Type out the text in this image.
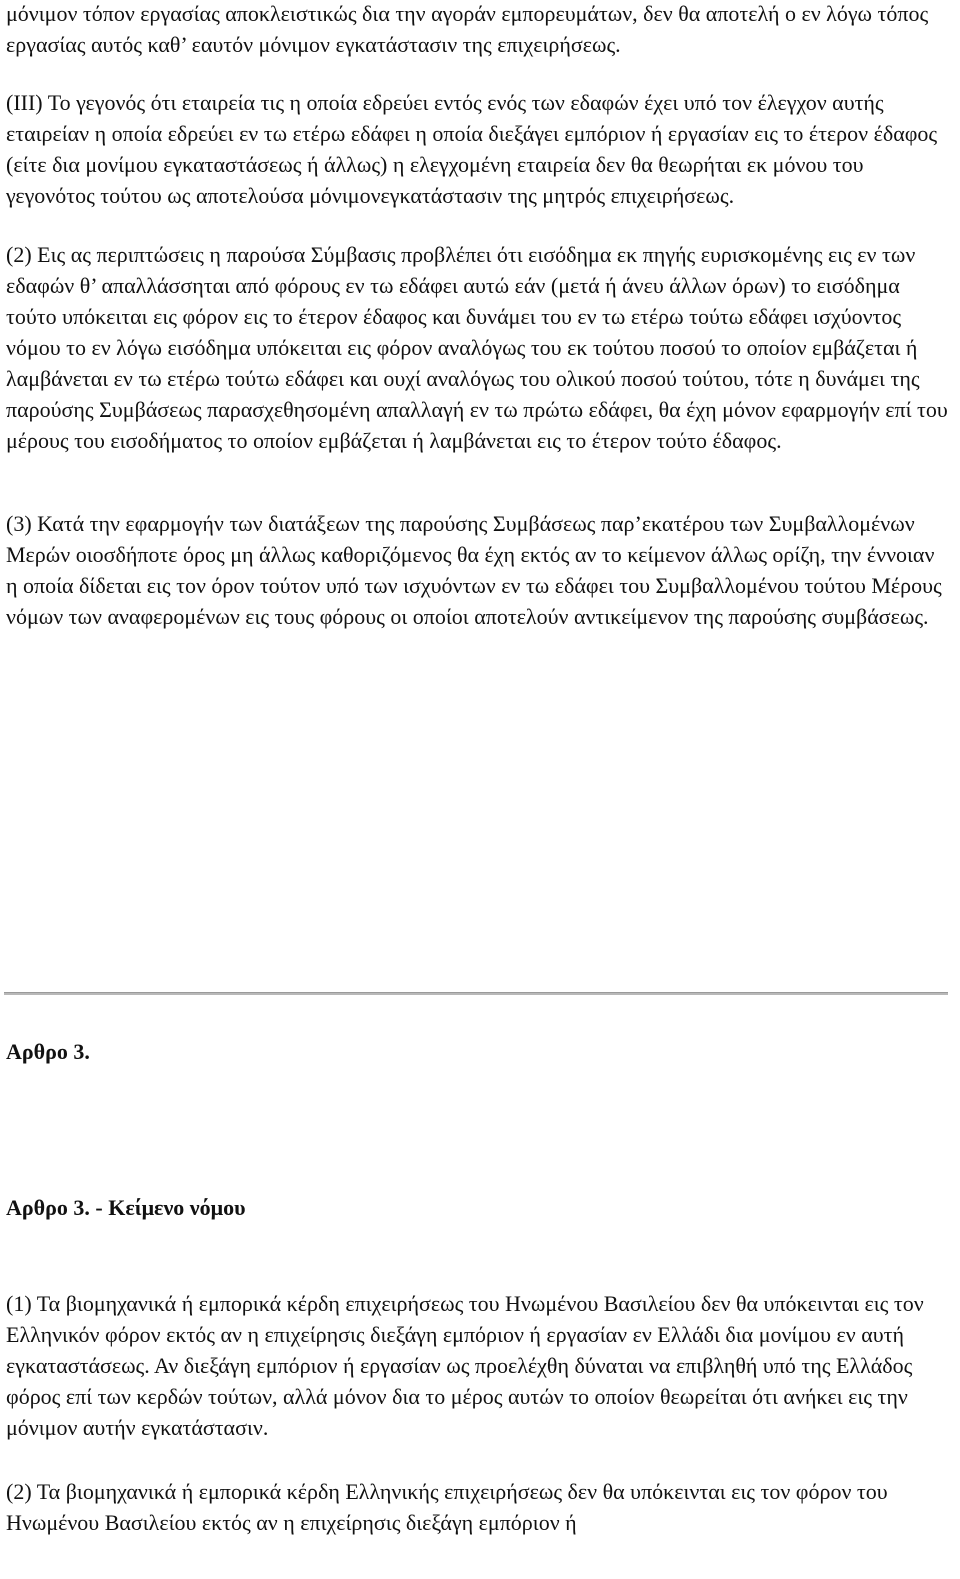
μόνιμον τόπον εργασίας αποκλειστικώς δια την αγοράν εμπορευμάτων, δεν θα αποτελή ο εν λόγω τόπος εργασίας αυτός καθ’ εαυτόν μόνιμον εγκατάστασιν της επιχειρήσεως.

(ΙΙΙ) Το γεγονός ότι εταιρεία τις η οποία εδρεύει εντός ενός των εδαφών έχει υπό τον έλεγχον αυτής εταιρείαν η οποία εδρεύει εν τω ετέρω εδάφει η οποία διεξάγει εμπόριον ή εργασίαν εις το έτερον έδαφος (είτε δια μονίμου εγκαταστάσεως ή άλλως) η ελεγχομένη εταιρεία δεν θα θεωρήται εκ μόνου του γεγονότος τούτου ως αποτελούσα μόνιμονεγκατάστασιν της μητρός επιχειρήσεως.

(2) Εις ας περιπτώσεις η παρούσα Σύμβασις προβλέπει ότι εισόδημα εκ πηγής ευρισκομένης εις εν των εδαφών θ’ απαλλάσσηται από φόρους εν τω εδάφει αυτώ εάν (μετά ή άνευ άλλων όρων) το εισόδημα τούτο υπόκειται εις φόρον εις το έτερον έδαφος και δυνάμει του εν τω ετέρω τούτω εδάφει ισχύοντος νόμου το εν λόγω εισόδημα υπόκειται εις φόρον αναλόγως του εκ τούτου ποσού το οποίον εμβάζεται ή λαμβάνεται εν τω ετέρω τούτω εδάφει και ουχί αναλόγως του ολικού ποσού τούτου, τότε η δυνάμει της παρούσης Συμβάσεως παρασχεθησομένη απαλλαγή εν τω πρώτω εδάφει, θα έχη μόνον εφαρμογήν επί του μέρους του εισοδήματος το οποίον εμβάζεται ή λαμβάνεται εις το έτερον τούτο έδαφος.

(3) Κατά την εφαρμογήν των διατάξεων της παρούσης Συμβάσεως παρ’εκατέρου των Συμβαλλομένων Μερών οιοσδήποτε όρος μη άλλως καθοριζόμενος θα έχη εκτός αν το κείμενον άλλως ορίζη, την έννοιαν η οποία δίδεται εις τον όρον τούτον υπό των ισχυόντων εν τω εδάφει του Συμβαλλομένου τούτου Μέρους νόμων των αναφερομένων εις τους φόρους οι οποίοι αποτελούν αντικείμενον της παρούσης συμβάσεως.

Αρθρο 3.
Αρθρο 3. - Κείμενο νόμου

(1) Τα βιομηχανικά ή εμπορικά κέρδη επιχειρήσεως του Ηνωμένου Βασιλείου δεν θα υπόκεινται εις τον Ελληνικόν φόρον εκτός αν η επιχείρησις διεξάγη εμπόριον ή εργασίαν εν Ελλάδι δια μονίμου εν αυτή εγκαταστάσεως. Αν διεξάγη εμπόριον ή εργασίαν ως προελέχθη δύναται να επιβληθή υπό της Ελλάδος φόρος επί των κερδών τούτων, αλλά μόνον δια το μέρος αυτών το οποίον θεωρείται ότι ανήκει εις την μόνιμον αυτήν εγκατάστασιν.

(2) Τα βιομηχανικά ή εμπορικά κέρδη Ελληνικής επιχειρήσεως δεν θα υπόκεινται εις τον φόρον του Ηνωμένου Βασιλείου εκτός αν η επιχείρησις διεξάγη εμπόριον ή
